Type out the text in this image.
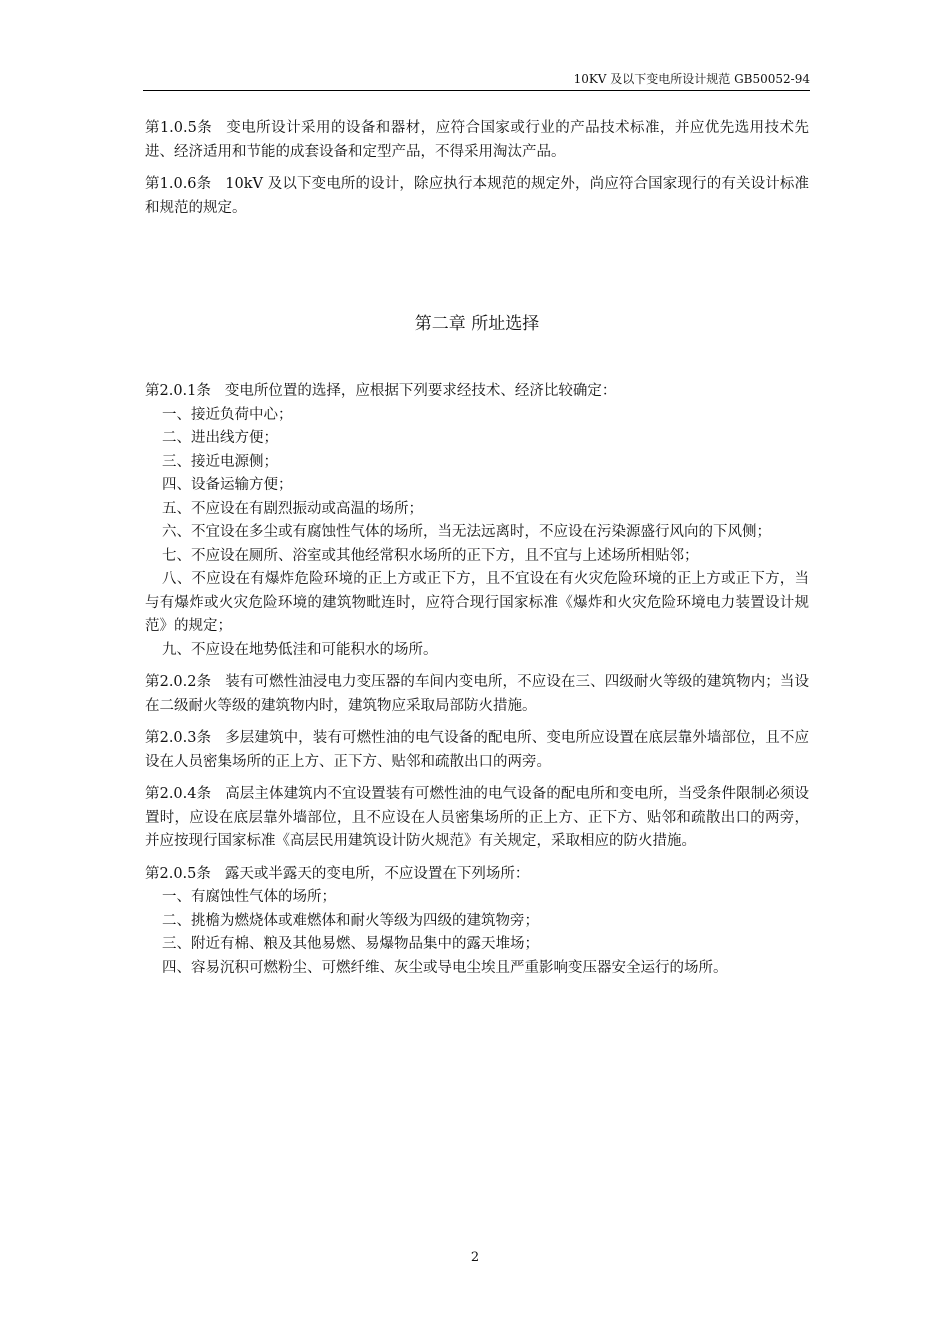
10KV 及以下变电所设计规范 GB50052-94

第1.0.5条 变电所设计采用的设备和器材，应符合国家或行业的产品技术标准，并应优先选用技术先进、经济适用和节能的成套设备和定型产品，不得采用淘汰产品。

第1.0.6条 10kV 及以下变电所的设计，除应执行本规范的规定外，尚应符合国家现行的有关设计标准和规范的规定。

第二章 所址选择

第2.0.1条 变电所位置的选择，应根据下列要求经技术、经济比较确定：

一、接近负荷中心；

二、进出线方便；

三、接近电源侧；

四、设备运输方便；

五、不应设在有剧烈振动或高温的场所；

六、不宜设在多尘或有腐蚀性气体的场所，当无法远离时，不应设在污染源盛行风向的下风侧；

七、不应设在厕所、浴室或其他经常积水场所的正下方，且不宜与上述场所相贴邻；

八、不应设在有爆炸危险环境的正上方或正下方，且不宜设在有火灾危险环境的正上方或正下方，当与有爆炸或火灾危险环境的建筑物毗连时，应符合现行国家标准《爆炸和火灾危险环境电力装置设计规范》的规定；

九、不应设在地势低洼和可能积水的场所。

第2.0.2条 装有可燃性油浸电力变压器的车间内变电所，不应设在三、四级耐火等级的建筑物内；当设在二级耐火等级的建筑物内时，建筑物应采取局部防火措施。

第2.0.3条 多层建筑中，装有可燃性油的电气设备的配电所、变电所应设置在底层靠外墙部位，且不应设在人员密集场所的正上方、正下方、贴邻和疏散出口的两旁。

第2.0.4条 高层主体建筑内不宜设置装有可燃性油的电气设备的配电所和变电所，当受条件限制必须设置时，应设在底层靠外墙部位，且不应设在人员密集场所的正上方、正下方、贴邻和疏散出口的两旁，并应按现行国家标准《高层民用建筑设计防火规范》有关规定，采取相应的防火措施。

第2.0.5条 露天或半露天的变电所，不应设置在下列场所：

一、有腐蚀性气体的场所；

二、挑檐为燃烧体或难燃体和耐火等级为四级的建筑物旁；

三、附近有棉、粮及其他易燃、易爆物品集中的露天堆场；

四、容易沉积可燃粉尘、可燃纤维、灰尘或导电尘埃且严重影响变压器安全运行的场所。

2
